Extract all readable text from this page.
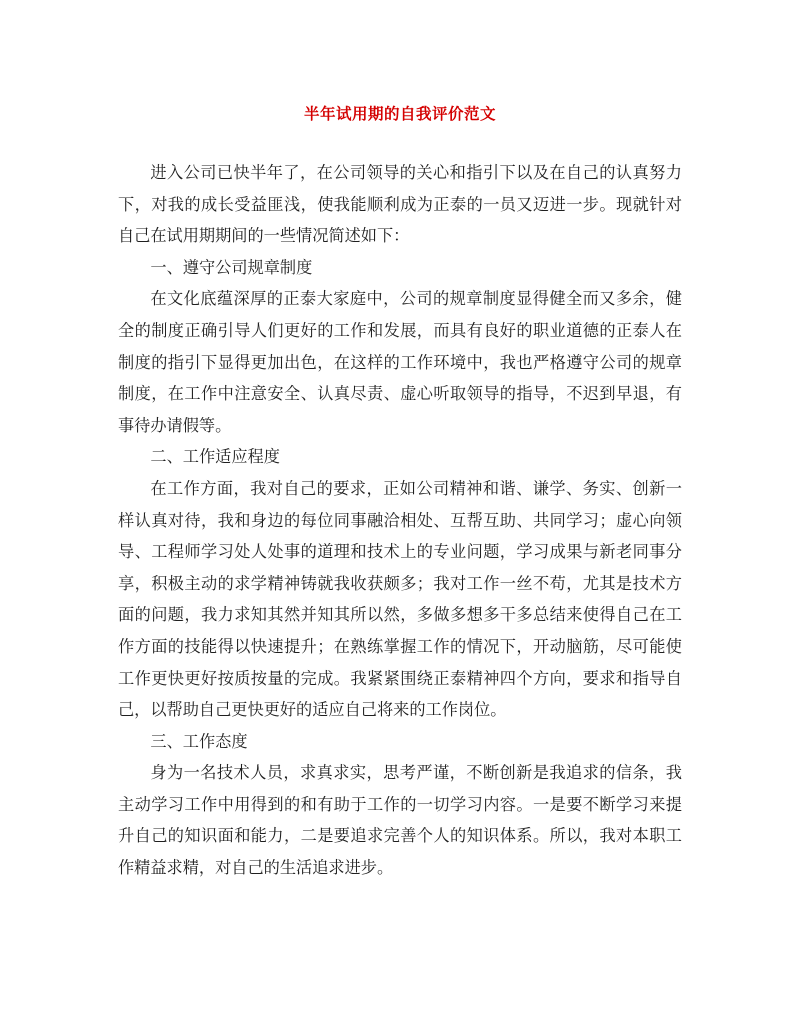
半年试用期的自我评价范文

进入公司已快半年了，在公司领导的关心和指引下以及在自己的认真努力下，对我的成长受益匪浅，使我能顺利成为正泰的一员又迈进一步。现就针对自己在试用期期间的一些情况简述如下：

一、遵守公司规章制度

在文化底蕴深厚的正泰大家庭中，公司的规章制度显得健全而又多余，健全的制度正确引导人们更好的工作和发展，而具有良好的职业道德的正泰人在制度的指引下显得更加出色，在这样的工作环境中，我也严格遵守公司的规章制度，在工作中注意安全、认真尽责、虚心听取领导的指导，不迟到早退，有事待办请假等。

二、工作适应程度

在工作方面，我对自己的要求，正如公司精神和谐、谦学、务实、创新一样认真对待，我和身边的每位同事融洽相处、互帮互助、共同学习；虚心向领导、工程师学习处人处事的道理和技术上的专业问题，学习成果与新老同事分享，积极主动的求学精神铸就我收获颇多；我对工作一丝不苟，尤其是技术方面的问题，我力求知其然并知其所以然，多做多想多干多总结来使得自己在工作方面的技能得以快速提升；在熟练掌握工作的情况下，开动脑筋，尽可能使工作更快更好按质按量的完成。我紧紧围绕正泰精神四个方向，要求和指导自己，以帮助自己更快更好的适应自己将来的工作岗位。

三、工作态度

身为一名技术人员，求真求实，思考严谨，不断创新是我追求的信条，我主动学习工作中用得到的和有助于工作的一切学习内容。一是要不断学习来提升自己的知识面和能力，二是要追求完善个人的知识体系。所以，我对本职工作精益求精，对自己的生活追求进步。
